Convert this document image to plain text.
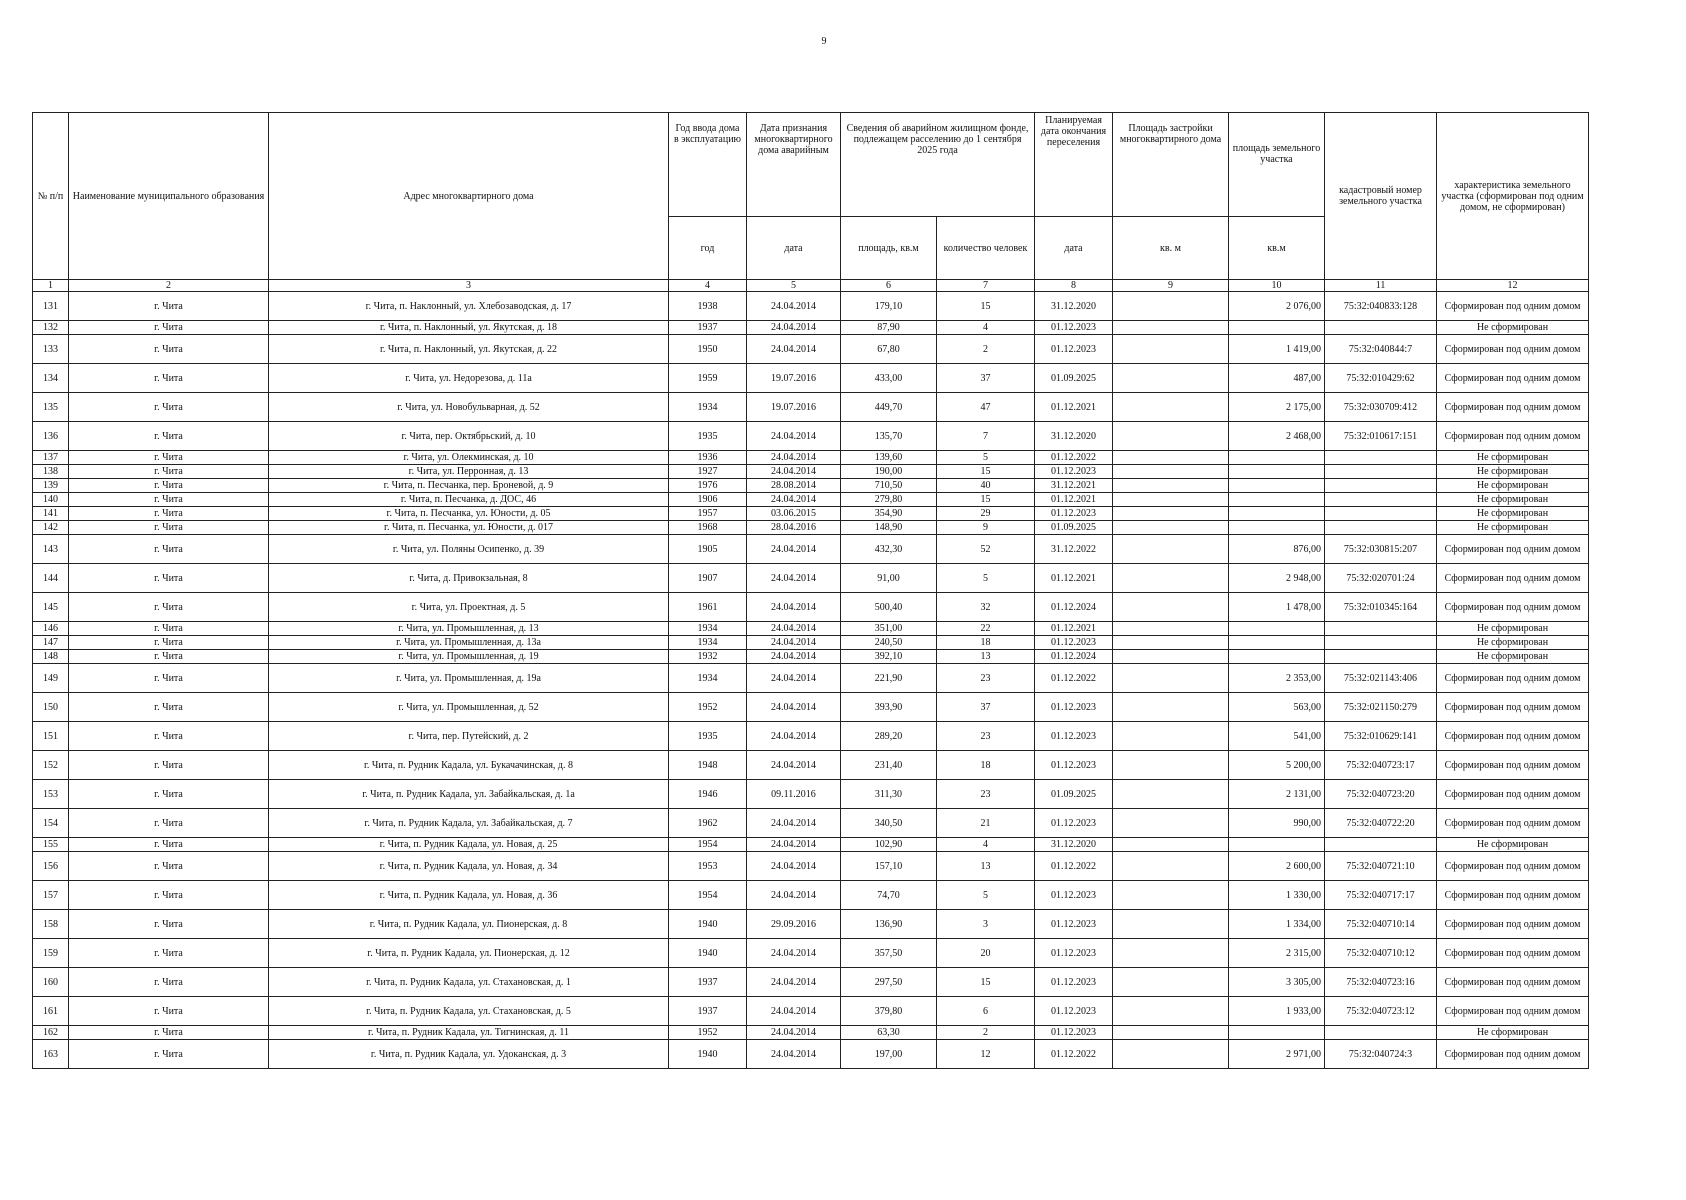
9
№ п/п	Наименование муниципального образования	Адрес многоквартирного дома	Год ввода дома в эксплуатацию	Дата признания многоквартирного дома аварийным	Сведения об аварийном жилищном фонде, подлежащем расселению до 1 сентября 2025 года		Планируемая дата окончания переселения	Площадь застройки многоквартирного дома	площадь земельного участка	кадастровый номер земельного участка	характеристика земельного участка (сформирован под одним домом, не сформирован)
			год	дата	площадь, кв.м	количество человек	дата	кв. м	кв.м		
1	2	3	4	5	6	7	8	9	10	11	12
131	г. Чита	г. Чита, п. Наклонный, ул. Хлебозаводская, д. 17	1938	24.04.2014	179,10	15	31.12.2020		2 076,00	75:32:040833:128	Сформирован под одним домом
132	г. Чита	г. Чита, п. Наклонный, ул. Якутская, д. 18	1937	24.04.2014	87,90	4	01.12.2023				Не сформирован
133	г. Чита	г. Чита, п. Наклонный, ул. Якутская, д. 22	1950	24.04.2014	67,80	2	01.12.2023		1 419,00	75:32:040844:7	Сформирован под одним домом
134	г. Чита	г. Чита, ул. Недорезова, д. 11а	1959	19.07.2016	433,00	37	01.09.2025		487,00	75:32:010429:62	Сформирован под одним домом
135	г. Чита	г. Чита, ул. Новобульварная, д. 52	1934	19.07.2016	449,70	47	01.12.2021		2 175,00	75:32:030709:412	Сформирован под одним домом
136	г. Чита	г. Чита, пер. Октябрьский, д. 10	1935	24.04.2014	135,70	7	31.12.2020		2 468,00	75:32:010617:151	Сформирован под одним домом
137	г. Чита	г. Чита, ул. Олекминская, д. 10	1936	24.04.2014	139,60	5	01.12.2022				Не сформирован
138	г. Чита	г. Чита, ул. Перронная, д. 13	1927	24.04.2014	190,00	15	01.12.2023				Не сформирован
139	г. Чита	г. Чита, п. Песчанка, пер. Броневой, д. 9	1976	28.08.2014	710,50	40	31.12.2021				Не сформирован
140	г. Чита	г. Чита, п. Песчанка, д. ДОС, 46	1906	24.04.2014	279,80	15	01.12.2021				Не сформирован
141	г. Чита	г. Чита, п. Песчанка, ул. Юности, д. 05	1957	03.06.2015	354,90	29	01.12.2023				Не сформирован
142	г. Чита	г. Чита, п. Песчанка, ул. Юности, д. 017	1968	28.04.2016	148,90	9	01.09.2025				Не сформирован
143	г. Чита	г. Чита, ул. Поляны Осипенко, д. 39	1905	24.04.2014	432,30	52	31.12.2022		876,00	75:32:030815:207	Сформирован под одним домом
144	г. Чита	г. Чита, д. Привокзальная, 8	1907	24.04.2014	91,00	5	01.12.2021		2 948,00	75:32:020701:24	Сформирован под одним домом
145	г. Чита	г. Чита, ул. Проектная, д. 5	1961	24.04.2014	500,40	32	01.12.2024		1 478,00	75:32:010345:164	Сформирован под одним домом
146	г. Чита	г. Чита, ул. Промышленная, д. 13	1934	24.04.2014	351,00	22	01.12.2021				Не сформирован
147	г. Чита	г. Чита, ул. Промышленная, д. 13а	1934	24.04.2014	240,50	18	01.12.2023				Не сформирован
148	г. Чита	г. Чита, ул. Промышленная, д. 19	1932	24.04.2014	392,10	13	01.12.2024				Не сформирован
149	г. Чита	г. Чита, ул. Промышленная, д. 19а	1934	24.04.2014	221,90	23	01.12.2022		2 353,00	75:32:021143:406	Сформирован под одним домом
150	г. Чита	г. Чита, ул. Промышленная, д. 52	1952	24.04.2014	393,90	37	01.12.2023		563,00	75:32:021150:279	Сформирован под одним домом
151	г. Чита	г. Чита, пер. Путейский, д. 2	1935	24.04.2014	289,20	23	01.12.2023		541,00	75:32:010629:141	Сформирован под одним домом
152	г. Чита	г. Чита, п. Рудник Кадала, ул. Букачачинская, д. 8	1948	24.04.2014	231,40	18	01.12.2023		5 200,00	75:32:040723:17	Сформирован под одним домом
153	г. Чита	г. Чита, п. Рудник Кадала, ул. Забайкальская, д. 1а	1946	09.11.2016	311,30	23	01.09.2025		2 131,00	75:32:040723:20	Сформирован под одним домом
154	г. Чита	г. Чита, п. Рудник Кадала, ул. Забайкальская, д. 7	1962	24.04.2014	340,50	21	01.12.2023		990,00	75:32:040722:20	Сформирован под одним домом
155	г. Чита	г. Чита, п. Рудник Кадала, ул. Новая, д. 25	1954	24.04.2014	102,90	4	31.12.2020				Не сформирован
156	г. Чита	г. Чита, п. Рудник Кадала, ул. Новая, д. 34	1953	24.04.2014	157,10	13	01.12.2022		2 600,00	75:32:040721:10	Сформирован под одним домом
157	г. Чита	г. Чита, п. Рудник Кадала, ул. Новая, д. 36	1954	24.04.2014	74,70	5	01.12.2023		1 330,00	75:32:040717:17	Сформирован под одним домом
158	г. Чита	г. Чита, п. Рудник Кадала, ул. Пионерская, д. 8	1940	29.09.2016	136,90	3	01.12.2023		1 334,00	75:32:040710:14	Сформирован под одним домом
159	г. Чита	г. Чита, п. Рудник Кадала, ул. Пионерская, д. 12	1940	24.04.2014	357,50	20	01.12.2023		2 315,00	75:32:040710:12	Сформирован под одним домом
160	г. Чита	г. Чита, п. Рудник Кадала, ул. Стахановская, д. 1	1937	24.04.2014	297,50	15	01.12.2023		3 305,00	75:32:040723:16	Сформирован под одним домом
161	г. Чита	г. Чита, п. Рудник Кадала, ул. Стахановская, д. 5	1937	24.04.2014	379,80	6	01.12.2023		1 933,00	75:32:040723:12	Сформирован под одним домом
162	г. Чита	г. Чита, п. Рудник Кадала, ул. Тигнинская, д. 11	1952	24.04.2014	63,30	2	01.12.2023				Не сформирован
163	г. Чита	г. Чита, п. Рудник Кадала, ул. Удоканская, д. 3	1940	24.04.2014	197,00	12	01.12.2022		2 971,00	75:32:040724:3	Сформирован под одним домом
